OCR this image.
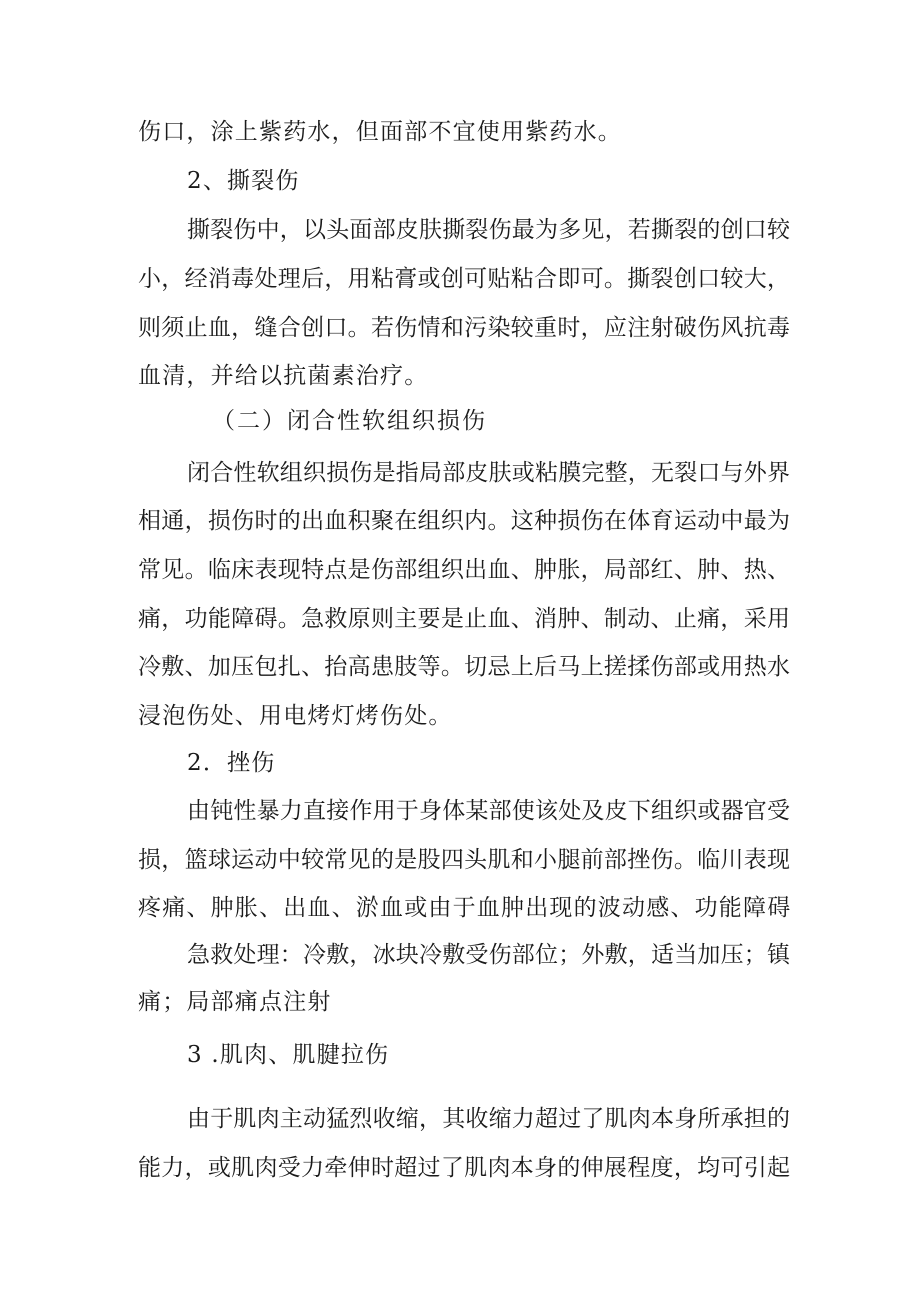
伤口，涂上紫药水，但面部不宜使用紫药水。
2、撕裂伤
撕裂伤中，以头面部皮肤撕裂伤最为多见，若撕裂的创口较
小，经消毒处理后，用粘膏或创可贴粘合即可。撕裂创口较大，
则须止血，缝合创口。若伤情和污染较重时，应注射破伤风抗毒
血清，并给以抗菌素治疗。
（二）闭合性软组织损伤
闭合性软组织损伤是指局部皮肤或粘膜完整，无裂口与外界
相通，损伤时的出血积聚在组织内。这种损伤在体育运动中最为
常见。临床表现特点是伤部组织出血、肿胀，局部红、肿、热、
痛，功能障碍。急救原则主要是止血、消肿、制动、止痛，采用
冷敷、加压包扎、抬高患肢等。切忌上后马上搓揉伤部或用热水
浸泡伤处、用电烤灯烤伤处。
2．挫伤
由钝性暴力直接作用于身体某部使该处及皮下组织或器官受
损，篮球运动中较常见的是股四头肌和小腿前部挫伤。临川表现
疼痛、肿胀、出血、淤血或由于血肿出现的波动感、功能障碍
急救处理：冷敷，冰块冷敷受伤部位；外敷，适当加压；镇
痛；局部痛点注射
3 .肌肉、肌腱拉伤
由于肌肉主动猛烈收缩，其收缩力超过了肌肉本身所承担的
能力，或肌肉受力牵伸时超过了肌肉本身的伸展程度，均可引起
